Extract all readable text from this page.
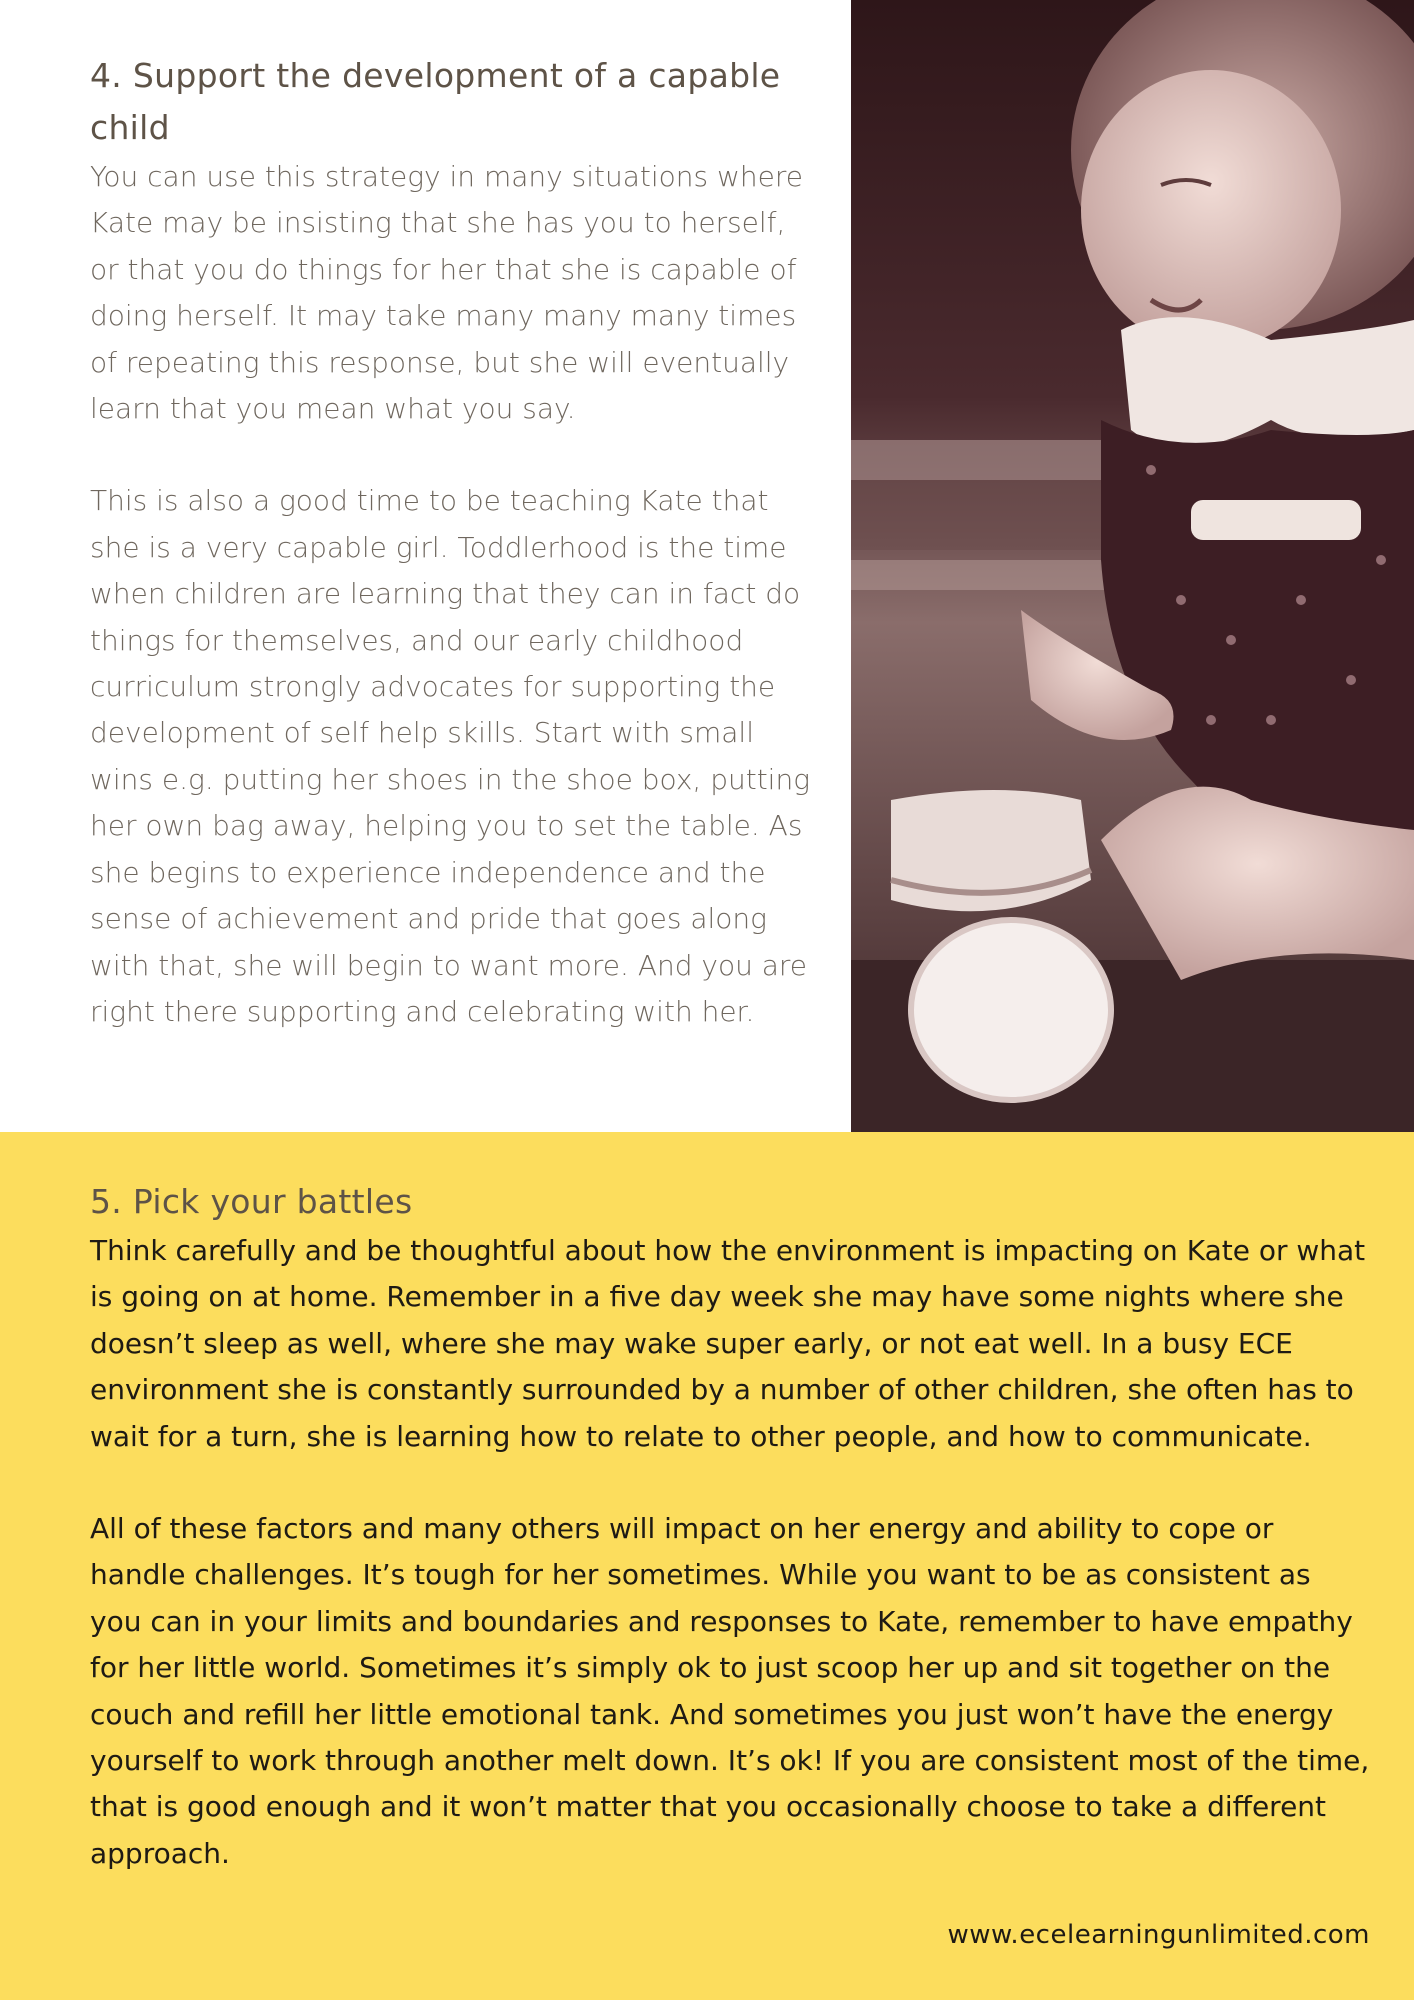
4. Support the development of a capable child

You can use this strategy in many situations where Kate may be insisting that she has you to herself, or that you do things for her that she is capable of doing herself. It may take many many many times of repeating this response, but she will eventually learn that you mean what you say.

This is also a good time to be teaching Kate that she is a very capable girl. Toddlerhood is the time when children are learning that they can in fact do things for themselves, and our early childhood curriculum strongly advocates for supporting the development of self help skills. Start with small wins e.g. putting her shoes in the shoe box, putting her own bag away, helping you to set the table. As she begins to experience independence and the sense of achievement and pride that goes along with that, she will begin to want more. And you are right there supporting and celebrating with her.

5. Pick your battles

Think carefully and be thoughtful about how the environment is impacting on Kate or what is going on at home. Remember in a five day week she may have some nights where she doesn’t sleep as well, where she may wake super early, or not eat well. In a busy ECE environment she is constantly surrounded by a number of other children, she often has to wait for a turn, she is learning how to relate to other people, and how to communicate.

All of these factors and many others will impact on her energy and ability to cope or handle challenges. It’s tough for her sometimes. While you want to be as consistent as you can in your limits and boundaries and responses to Kate, remember to have empathy for her little world. Sometimes it’s simply ok to just scoop her up and sit together on the couch and refill her little emotional tank. And sometimes you just won’t have the energy yourself to work through another melt down. It’s ok! If you are consistent most of the time, that is good enough and it won’t matter that you occasionally choose to take a different approach.

www.ecelearningunlimited.com
